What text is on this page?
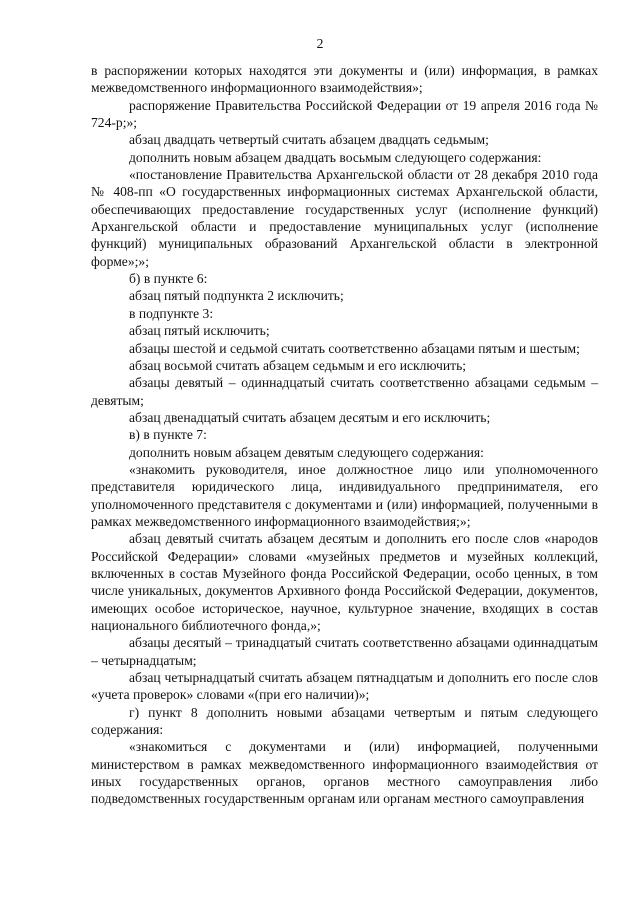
2

в распоряжении которых находятся эти документы и (или) информация, в рамках межведомственного информационного взаимодействия»;

распоряжение Правительства Российской Федерации от 19 апреля 2016 года № 724-р;»;

абзац двадцать четвертый считать абзацем двадцать седьмым;

дополнить новым абзацем двадцать восьмым следующего содержания:

«постановление Правительства Архангельской области от 28 декабря 2010 года № 408-пп «О государственных информационных системах Архангельской области, обеспечивающих предоставление государственных услуг (исполнение функций) Архангельской области и предоставление муниципальных услуг (исполнение функций) муниципальных образований Архангельской области в электронной форме»;»;

б) в пункте 6:

абзац пятый подпункта 2 исключить;

в подпункте 3:

абзац пятый исключить;

абзацы шестой и седьмой считать соответственно абзацами пятым и шестым;

абзац восьмой считать абзацем седьмым и его исключить;

абзацы девятый – одиннадцатый считать соответственно абзацами седьмым – девятым;

абзац двенадцатый считать абзацем десятым и его исключить;

в) в пункте 7:

дополнить новым абзацем девятым следующего содержания:

«знакомить руководителя, иное должностное лицо или уполномоченного представителя юридического лица, индивидуального предпринимателя, его уполномоченного представителя с документами и (или) информацией, полученными в рамках межведомственного информационного взаимодействия;»;

абзац девятый считать абзацем десятым и дополнить его после слов «народов Российской Федерации» словами «музейных предметов и музейных коллекций, включенных в состав Музейного фонда Российской Федерации, особо ценных, в том числе уникальных, документов Архивного фонда Российской Федерации, документов, имеющих особое историческое, научное, культурное значение, входящих в состав национального библиотечного фонда,»;

абзацы десятый – тринадцатый считать соответственно абзацами одиннадцатым – четырнадцатым;

абзац четырнадцатый считать абзацем пятнадцатым и дополнить его после слов «учета проверок» словами «(при его наличии)»;

г) пункт 8 дополнить новыми абзацами четвертым и пятым следующего содержания:

«знакомиться с документами и (или) информацией, полученными министерством в рамках межведомственного информационного взаимодействия от иных государственных органов, органов местного самоуправления либо подведомственных государственным органам или органам местного самоуправления
